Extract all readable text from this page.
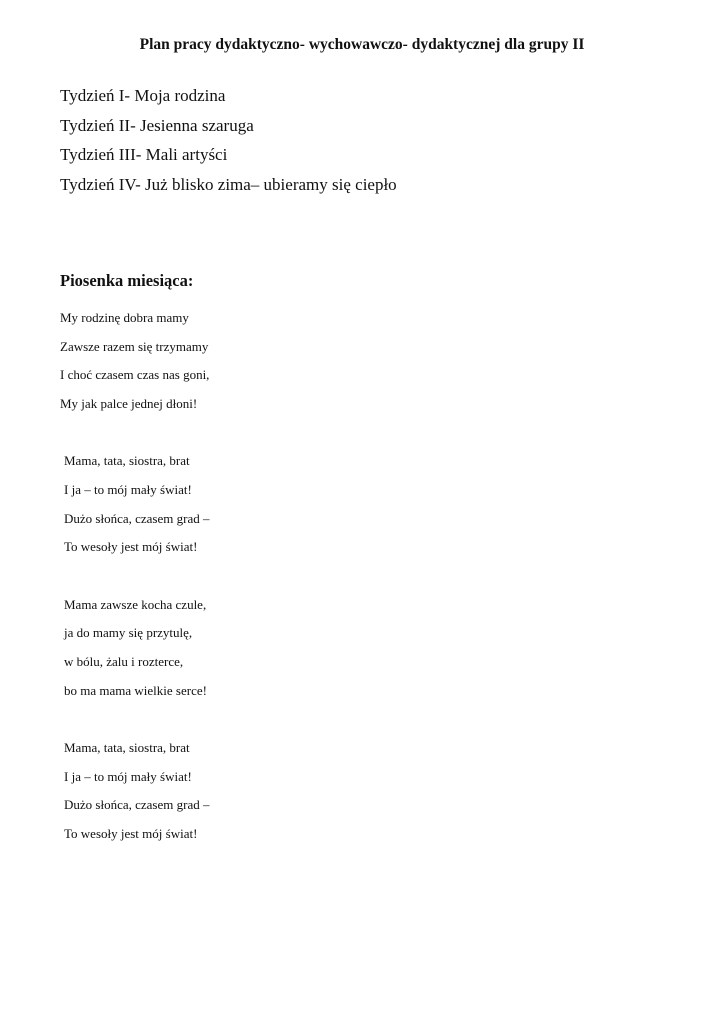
Plan pracy dydaktyczno- wychowawczo- dydaktycznej dla grupy II
Tydzień I- Moja rodzina
Tydzień II- Jesienna szaruga
Tydzień III- Mali artyści
Tydzień IV- Już blisko zima– ubieramy się ciepło
Piosenka miesiąca:
My rodzinę dobra mamy
Zawsze razem się trzymamy
I choć czasem czas nas goni,
My jak palce jednej dłoni!
Mama, tata, siostra, brat
I ja – to mój mały świat!
Dużo słońca, czasem grad –
To wesoły jest mój świat!
Mama zawsze kocha czule,
ja do mamy się przytulę,
w bólu, żalu i rozterce,
bo ma mama wielkie serce!
Mama, tata, siostra, brat
I ja – to mój mały świat!
Dużo słońca, czasem grad –
To wesoły jest mój świat!
